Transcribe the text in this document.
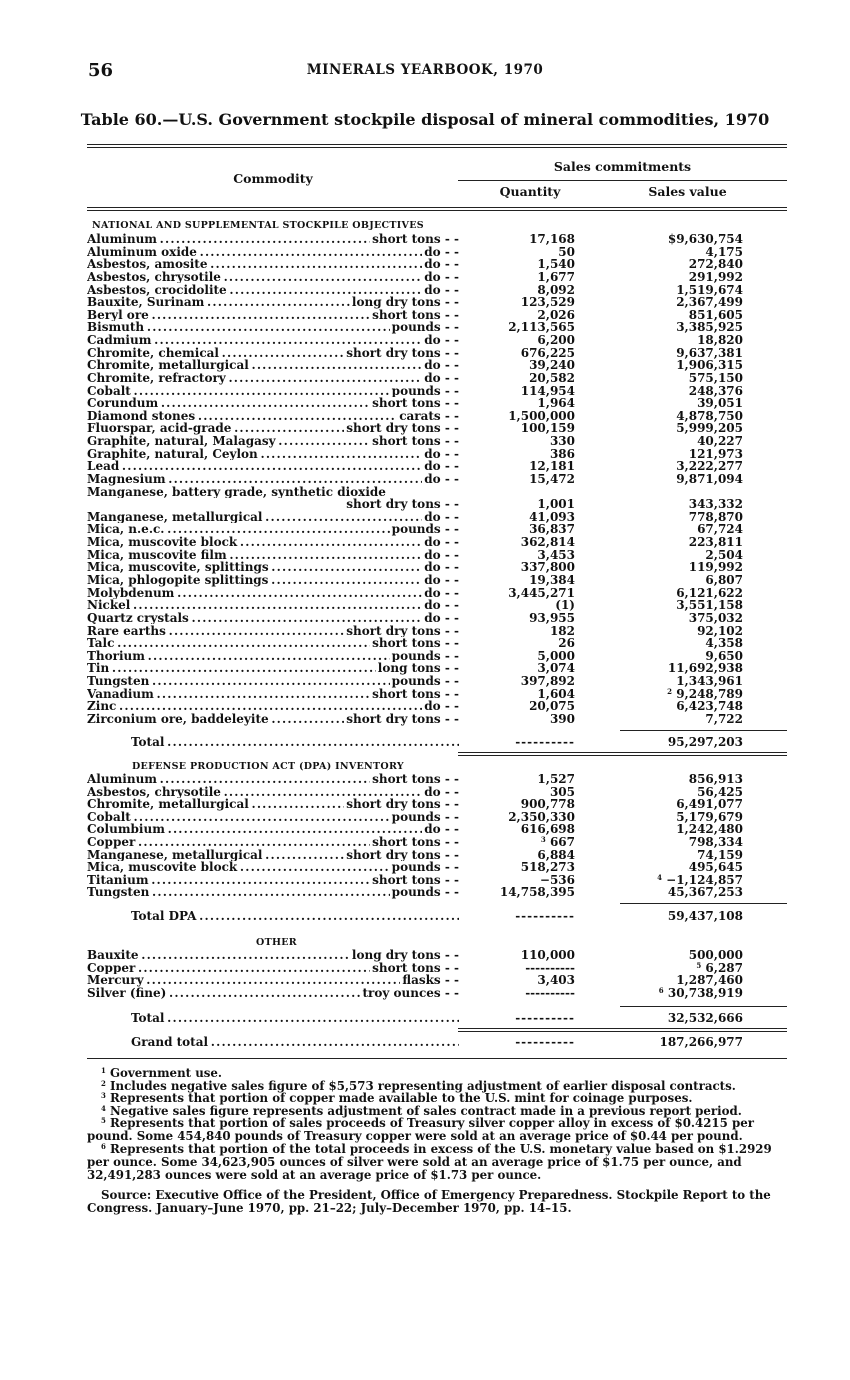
56	MINERALS YEARBOOK, 1970
Table 60.—U.S. Government stockpile disposal of mineral commodities, 1970
Commodity
Sales commitments
Quantity	Sales value
NATIONAL AND SUPPLEMENTAL STOCKPILE OBJECTIVES
Aluminum . . .	short tons - -	17,168	$9,630,754
Aluminum oxide . . .	do - -	50	4,175
Asbestos, amosite . . .	do - -	1,540	272,840
Asbestos, chrysotile . . .	do - -	1,677	291,992
Asbestos, crocidolite . . .	do - -	8,092	1,519,674
Bauxite, Surinam . . .	long dry tons - -	123,529	2,367,499
Beryl ore . . .	short tons - -	2,026	851,605
Bismuth . . .	pounds - -	2,113,565	3,385,925
Cadmium . . .	do - -	6,200	18,820
Chromite, chemical . . .	short dry tons - -	676,225	9,637,381
Chromite, metallurgical . . .	do - -	39,240	1,906,315
Chromite, refractory . . .	do - -	20,582	575,150
Cobalt . . .	pounds - -	114,954	248,376
Corundum . . .	short tons - -	1,964	39,051
Diamond stones . . .	carats - -	1,500,000	4,878,750
Fluorspar, acid-grade . . .	short dry tons - -	100,159	5,999,205
Graphite, natural, Malagasy . . .	short tons - -	330	40,227
Graphite, natural, Ceylon . . .	do - -	386	121,973
Lead . . .	do - -	12,181	3,222,277
Magnesium . . .	do - -	15,472	9,871,094
Manganese, battery grade, synthetic dioxide
short dry tons - -	1,001	343,332
Manganese, metallurgical . . .	do - -	41,093	778,870
Mica, n.e.c. . . .	pounds - -	36,837	67,724
Mica, muscovite block . . .	do - -	362,814	223,811
Mica, muscovite film . . .	do - -	3,453	2,504
Mica, muscovite, splittings . . .	do - -	337,800	119,992
Mica, phlogopite splittings . . .	do - -	19,384	6,807
Molybdenum . . .	do - -	3,445,271	6,121,622
Nickel . . .	do - -	(1)	3,551,158
Quartz crystals . . .	do - -	93,955	375,032
Rare earths . . .	short dry tons - -	182	92,102
Talc . . .	short tons - -	26	4,358
Thorium . . .	pounds - -	5,000	9,650
Tin . . .	long tons - -	3,074	11,692,938
Tungsten . . .	pounds - -	397,892	1,343,961
Vanadium . . .	short tons - -	1,604	$^2$ 9,248,789
Zinc . . .	do - -	20,075	6,423,748
Zirconium ore, baddeleyite . . .	short dry tons - -	390	7,722
Total . . .	----------	95,297,203
DEFENSE PRODUCTION ACT (DPA) INVENTORY
Aluminum . . .	short tons - -	1,527	856,913
Asbestos, chrysotile . . .	do - -	305	56,425
Chromite, metallurgical . . .	short dry tons - -	900,778	6,491,077
Cobalt . . .	pounds - -	2,350,330	5,179,679
Columbium . . .	do - -	616,698	1,242,480
Copper . . .	short tons - -	$^3$ 667	798,334
Manganese, metallurgical . . .	short dry tons - -	6,884	74,159
Mica, muscovite block . . .	pounds - -	518,273	495,645
Titanium . . .	short tons - -	−536	$^4$ −1,124,857
Tungsten . . .	pounds - -	14,758,395	45,367,253
Total DPA . . .	----------	59,437,108
OTHER
Bauxite . . .	long dry tons - -	110,000	500,000
Copper . . .	short tons - -	----------	$^5$ 6,287
Mercury . . .	flasks - -	3,403	1,287,460
Silver (fine) . . .	troy ounces - -	----------	$^6$ 30,738,919
Total . . .	----------	32,532,666
Grand total . . .	----------	187,266,977
$^1$ Government use.
$^2$ Includes negative sales figure of $5,573 representing adjustment of earlier disposal contracts.
$^3$ Represents that portion of copper made available to the U.S. mint for coinage purposes.
$^4$ Negative sales figure represents adjustment of sales contract made in a previous report period.
$^5$ Represents that portion of sales proceeds of Treasury silver copper alloy in excess of $0.4215 per pound. Some 454,840 pounds of Treasury copper were sold at an average price of $0.44 per pound.
$^6$ Represents that portion of the total proceeds in excess of the U.S. monetary value based on $1.2929 per ounce. Some 34,623,905 ounces of silver were sold at an average price of $1.75 per ounce, and 32,491,283 ounces were sold at an average price of $1.73 per ounce.
Source: Executive Office of the President, Office of Emergency Preparedness. Stockpile Report to the Congress. January–June 1970, pp. 21–22; July–December 1970, pp. 14–15.
